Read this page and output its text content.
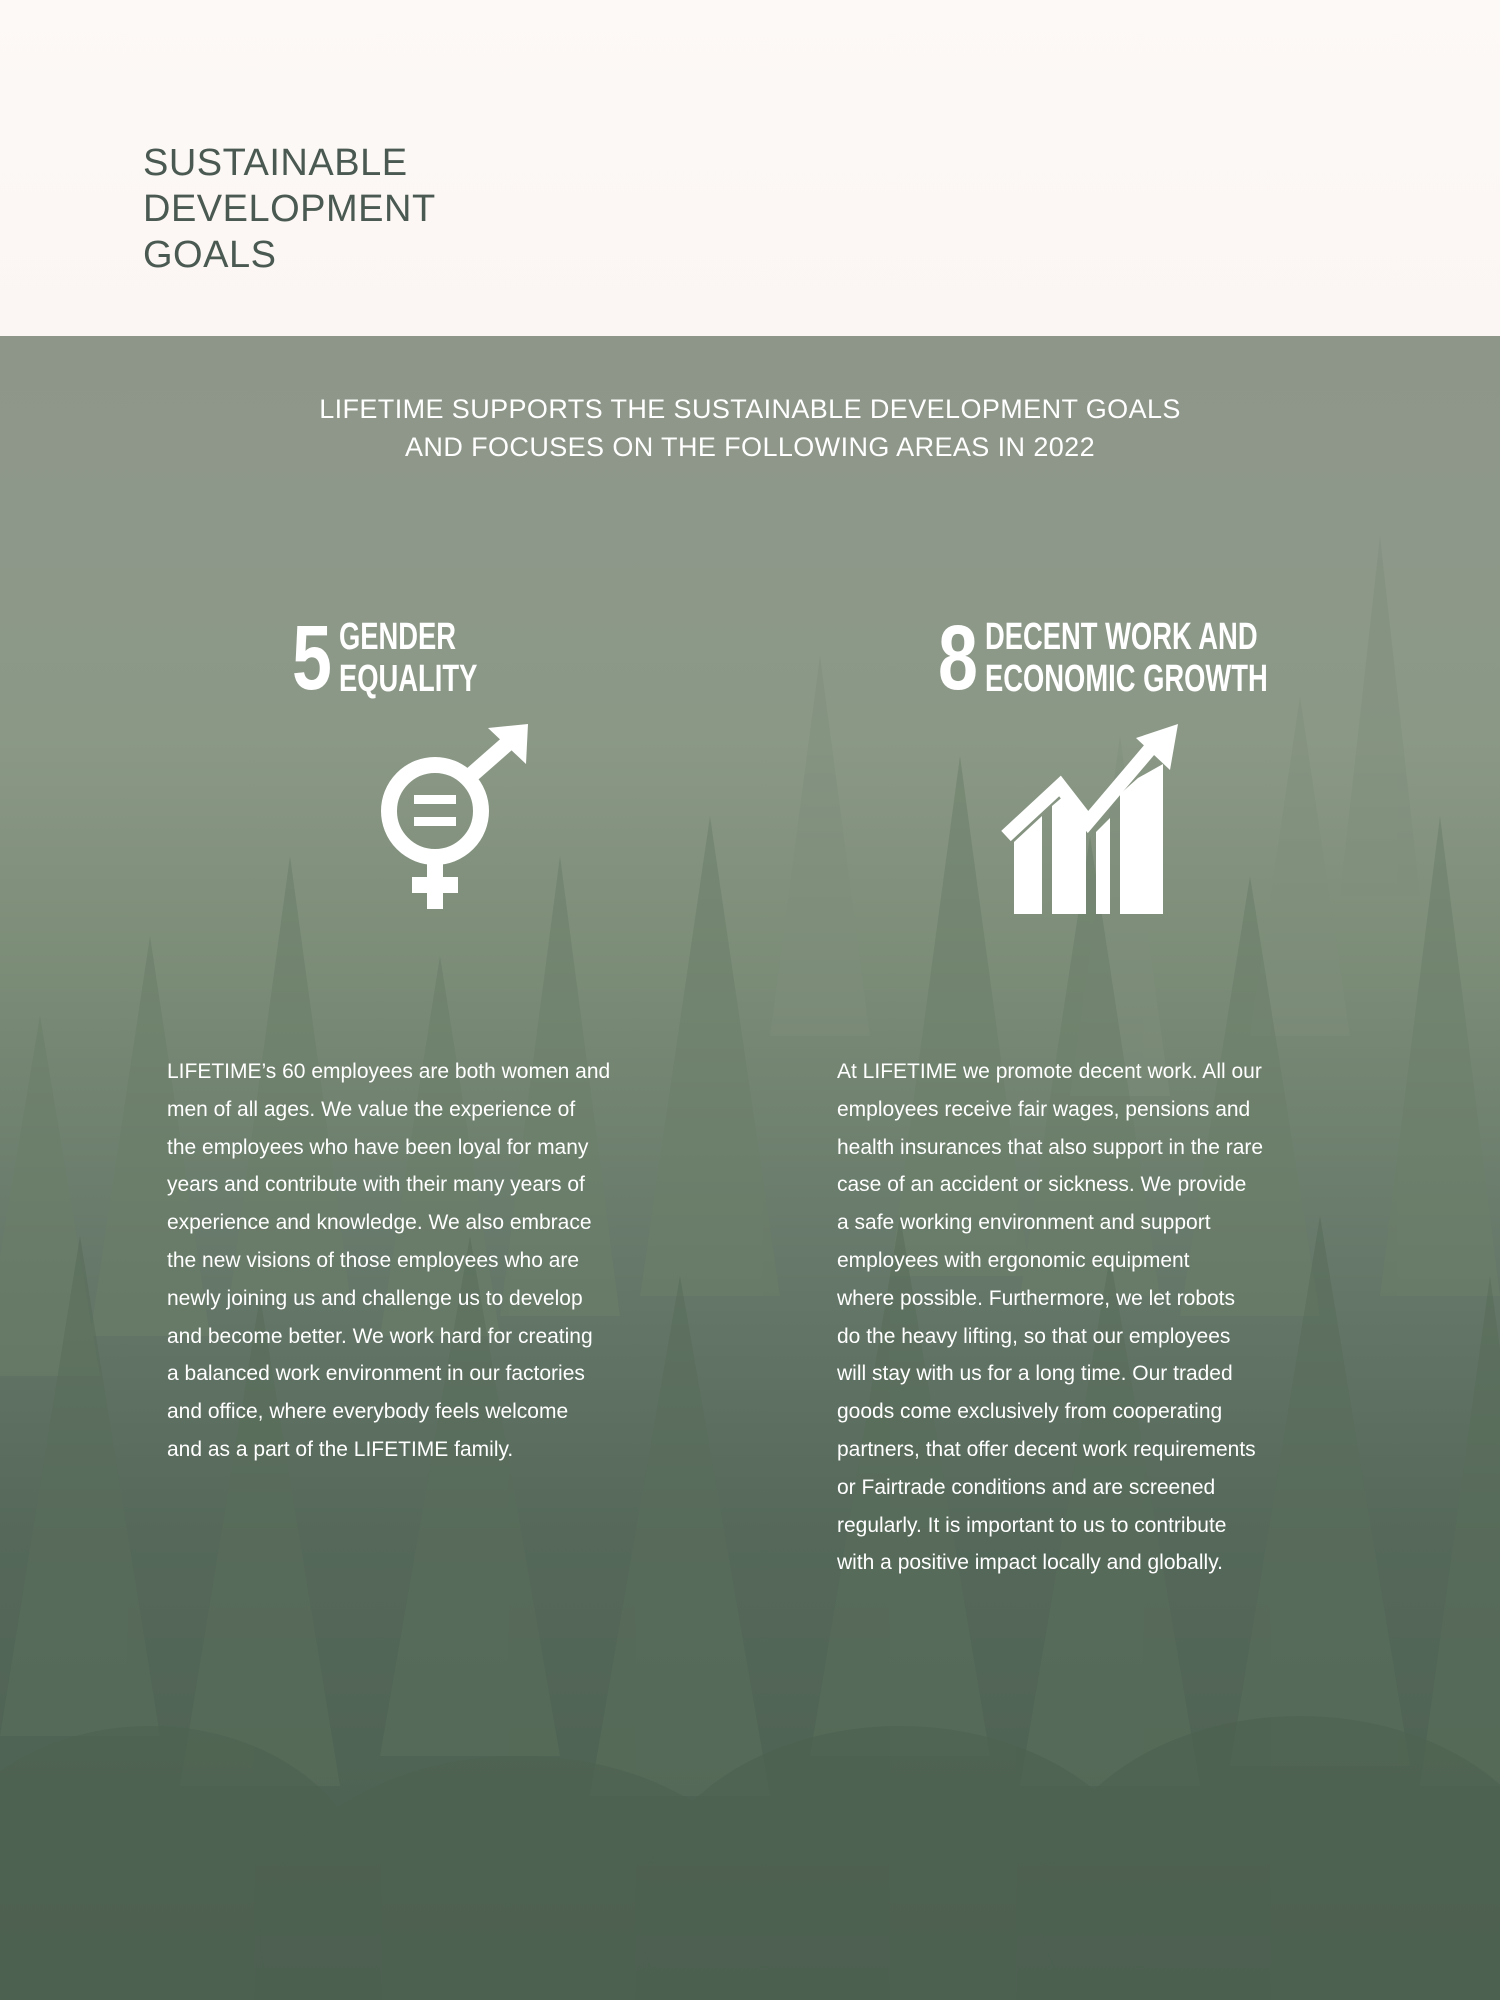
SUSTAINABLE
DEVELOPMENT
GOALS
LIFETIME SUPPORTS THE SUSTAINABLE DEVELOPMENT GOALS
AND FOCUSES ON THE FOLLOWING AREAS IN 2022
5 GENDER
EQUALITY

LIFETIME’s 60 employees are both women and
men of all ages. We value the experience of
the employees who have been loyal for many
years and contribute with their many years of
experience and knowledge. We also embrace
the new visions of those employees who are
newly joining us and challenge us to develop
and become better. We work hard for creating
a balanced work environment in our factories
and office, where everybody feels welcome
and as a part of the LIFETIME family.

8 DECENT WORK AND
ECONOMIC GROWTH

At LIFETIME we promote decent work. All our
employees receive fair wages, pensions and
health insurances that also support in the rare
case of an accident or sickness. We provide
a safe working environment and support
employees with ergonomic equipment
where possible. Furthermore, we let robots
do the heavy lifting, so that our employees
will stay with us for a long time. Our traded
goods come exclusively from cooperating
partners, that offer decent work requirements
or Fairtrade conditions and are screened
regularly. It is important to us to contribute
with a positive impact locally and globally.
